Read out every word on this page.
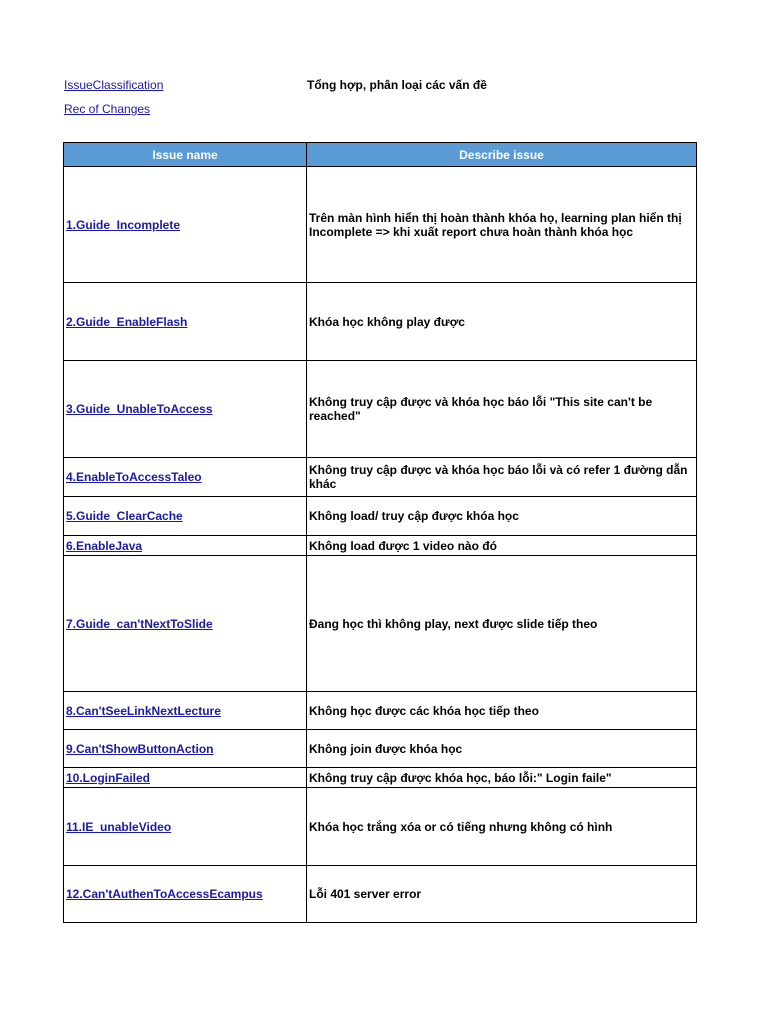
IssueClassification	Tổng hợp, phân loại các vấn đề
Rec of Changes
Issue name	Describe issue
1.Guide_Incomplete	Trên màn hình hiển thị hoàn thành khóa họ, learning plan hiển thị Incomplete => khi xuất report chưa hoàn thành khóa học
2.Guide_EnableFlash	Khóa học không play được
3.Guide_UnableToAccess	Không truy cập được và khóa học báo lỗi "This site can't be reached"
4.EnableToAccessTaleo	Không truy cập được và khóa học báo lỗi và có refer 1 đường dẫn khác
5.Guide_ClearCache	Không load/ truy cập được khóa học
6.EnableJava	Không load được 1 video nào đó
7.Guide_can'tNextToSlide	Đang học thì không play, next được slide tiếp theo
8.Can'tSeeLinkNextLecture	Không học được các khóa học tiếp theo
9.Can'tShowButtonAction	Không join được khóa học
10.LoginFailed	Không truy cập được khóa học, báo lỗi:" Login faile"
11.IE_unableVideo	Khóa học trắng xóa or có tiếng nhưng không có hình
12.Can'tAuthenToAccessEcampus	Lỗi 401 server error
